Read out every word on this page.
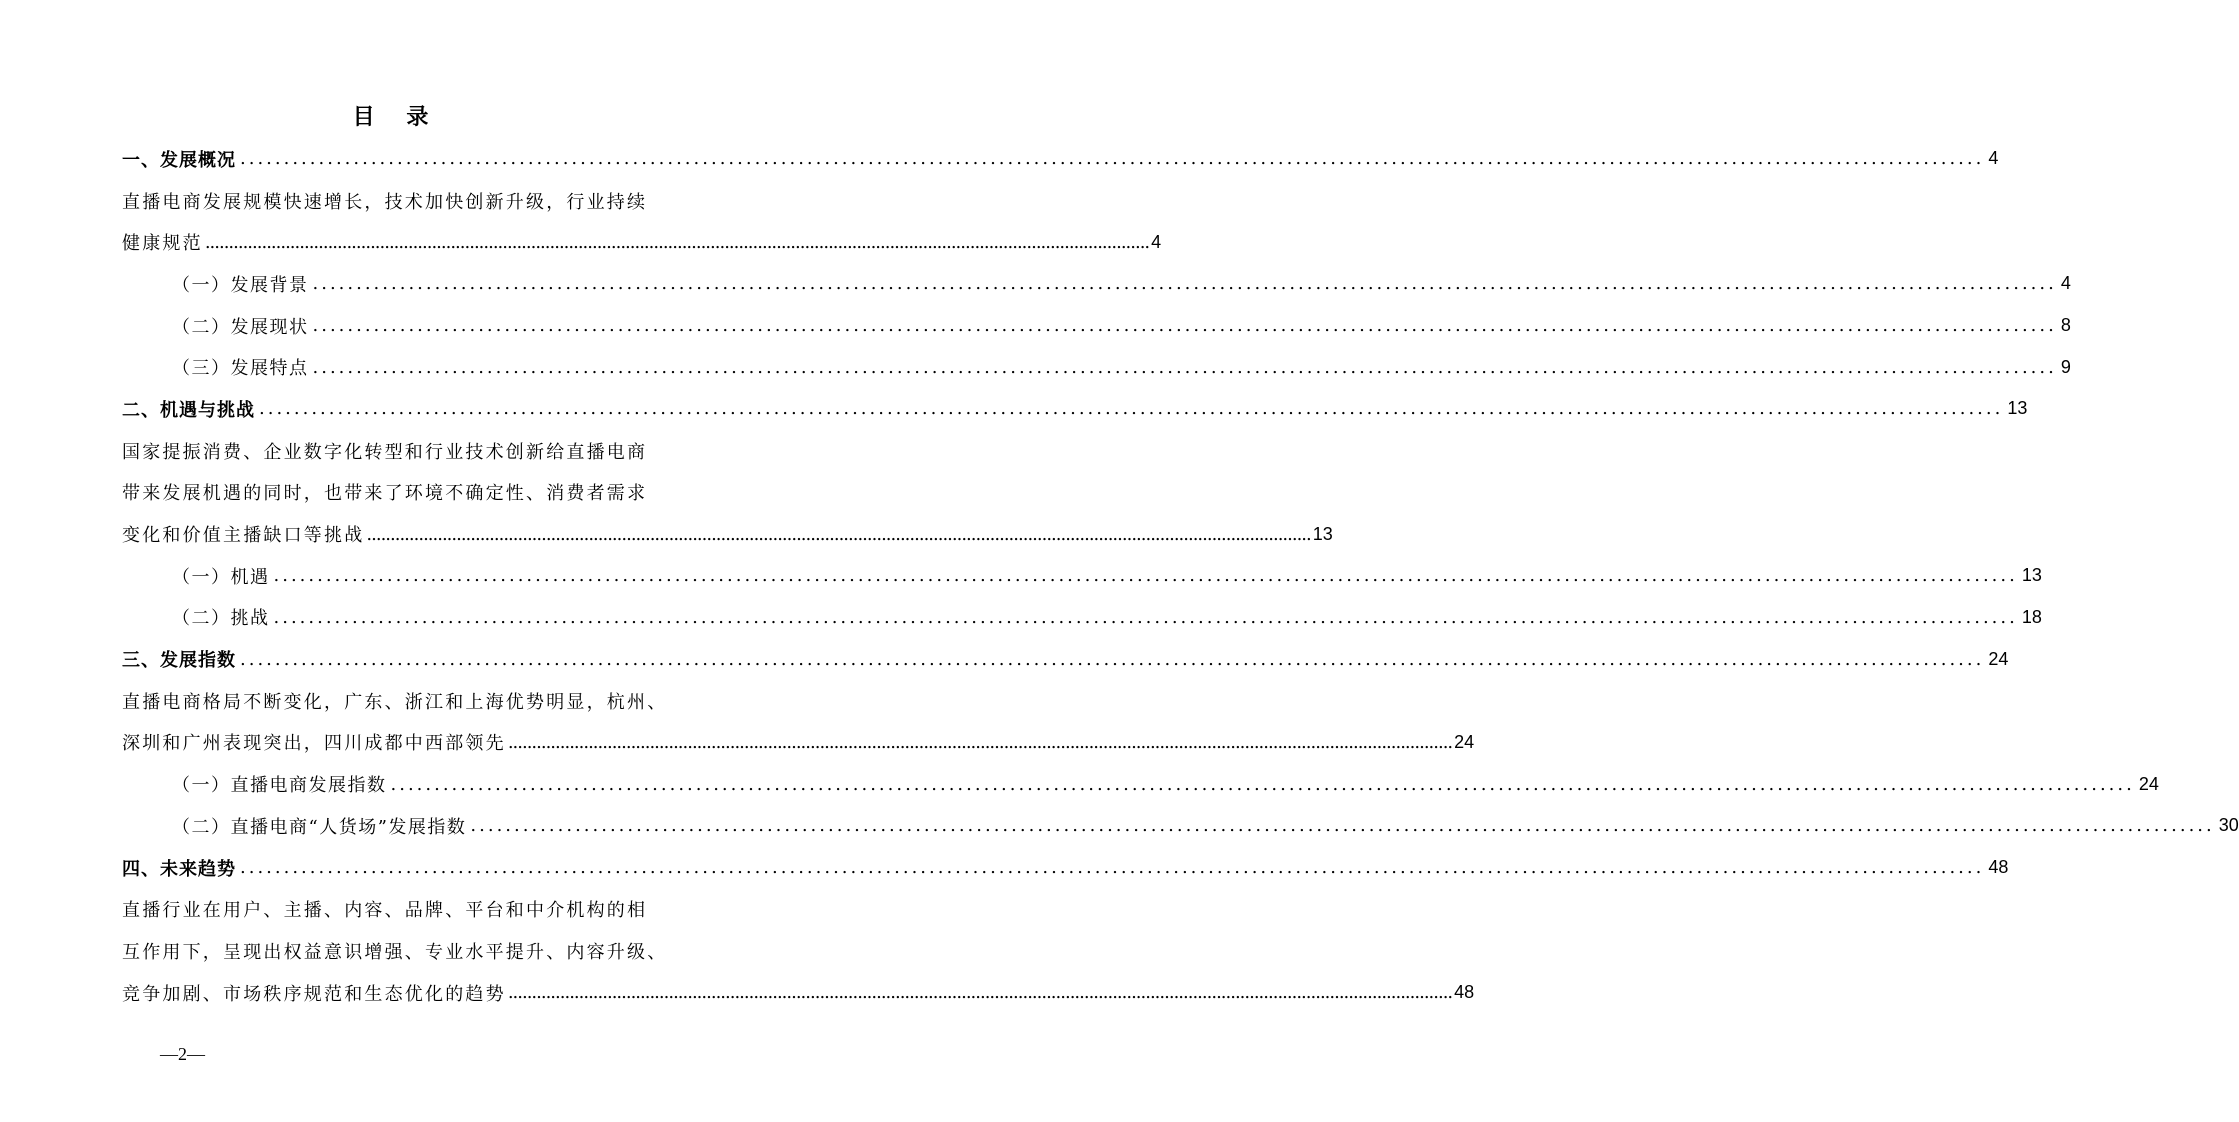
目 录
一、发展概况 ........................................................................................................................................................................................................ 4
直播电商发展规模快速增长，技术加快创新升级，行业持续
健康规范 ........................................................................................................................................................................................................ 4
（一）发展背景 ........................................................................................................................................................................................................ 4
（二）发展现状 ........................................................................................................................................................................................................ 8
（三）发展特点 ........................................................................................................................................................................................................ 9
二、机遇与挑战 ........................................................................................................................................................................................................ 13
国家提振消费、企业数字化转型和行业技术创新给直播电商
带来发展机遇的同时，也带来了环境不确定性、消费者需求
变化和价值主播缺口等挑战 ........................................................................................................................................................................................................ 13
（一）机遇 ........................................................................................................................................................................................................ 13
（二）挑战 ........................................................................................................................................................................................................ 18
三、发展指数 ........................................................................................................................................................................................................ 24
直播电商格局不断变化，广东、浙江和上海优势明显，杭州、
深圳和广州表现突出，四川成都中西部领先 ........................................................................................................................................................................................................ 24
（一）直播电商发展指数 ........................................................................................................................................................................................................ 24
（二）直播电商“人货场”发展指数 ........................................................................................................................................................................................................ 30
四、未来趋势 ........................................................................................................................................................................................................ 48
直播行业在用户、主播、内容、品牌、平台和中介机构的相
互作用下，呈现出权益意识增强、专业水平提升、内容升级、
竞争加剧、市场秩序规范和生态优化的趋势 ........................................................................................................................................................................................................ 48
—2—
